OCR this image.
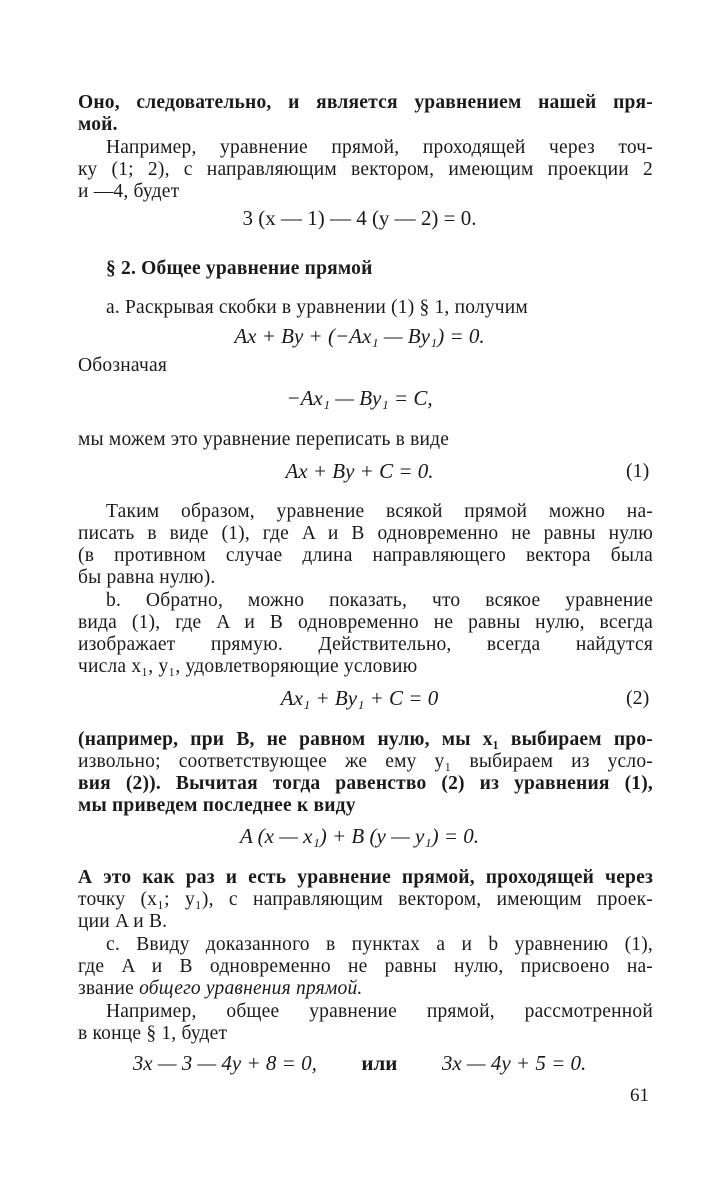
Оно, следовательно, и является уравнением нашей пря-
мой.
Например, уравнение прямой, проходящей через точ-
ку (1; 2), с направляющим вектором, имеющим проекции 2
и —4, будет
3 (x — 1) — 4 (y — 2) = 0.
§ 2. Общее уравнение прямой
a. Раскрывая скобки в уравнении (1) § 1, получим
Ax + By + (−Ax₁ — By₁) = 0.
Обозначая
−Ax₁ — By₁ = C,
мы можем это уравнение переписать в виде
Ax + By + C = 0.	(1)
Таким образом, уравнение всякой прямой можно на-
писать в виде (1), где A и B одновременно не равны нулю
(в противном случае длина направляющего вектора была
бы равна нулю).
b. Обратно, можно показать, что всякое уравнение
вида (1), где A и B одновременно не равны нулю, всегда
изображает прямую. Действительно, всегда найдутся
числа x₁, y₁, удовлетворяющие условию
Ax₁ + By₁ + C = 0	(2)
(например, при B, не равном нулю, мы x₁ выбираем про-
извольно; соответствующее же ему y₁ выбираем из усло-
вия (2)). Вычитая тогда равенство (2) из уравнения (1),
мы приведем последнее к виду
A (x — x₁) + B (y — y₁) = 0.
А это как раз и есть уравнение прямой, проходящей через
точку (x₁; y₁), с направляющим вектором, имеющим проек-
ции A и B.
c. Ввиду доказанного в пунктах a и b уравнению (1),
где A и B одновременно не равны нулю, присвоено на-
звание общего уравнения прямой.
Например, общее уравнение прямой, рассмотренной
в конце § 1, будет
3x — 3 — 4y + 8 = 0, или 3x — 4y + 5 = 0.
61
